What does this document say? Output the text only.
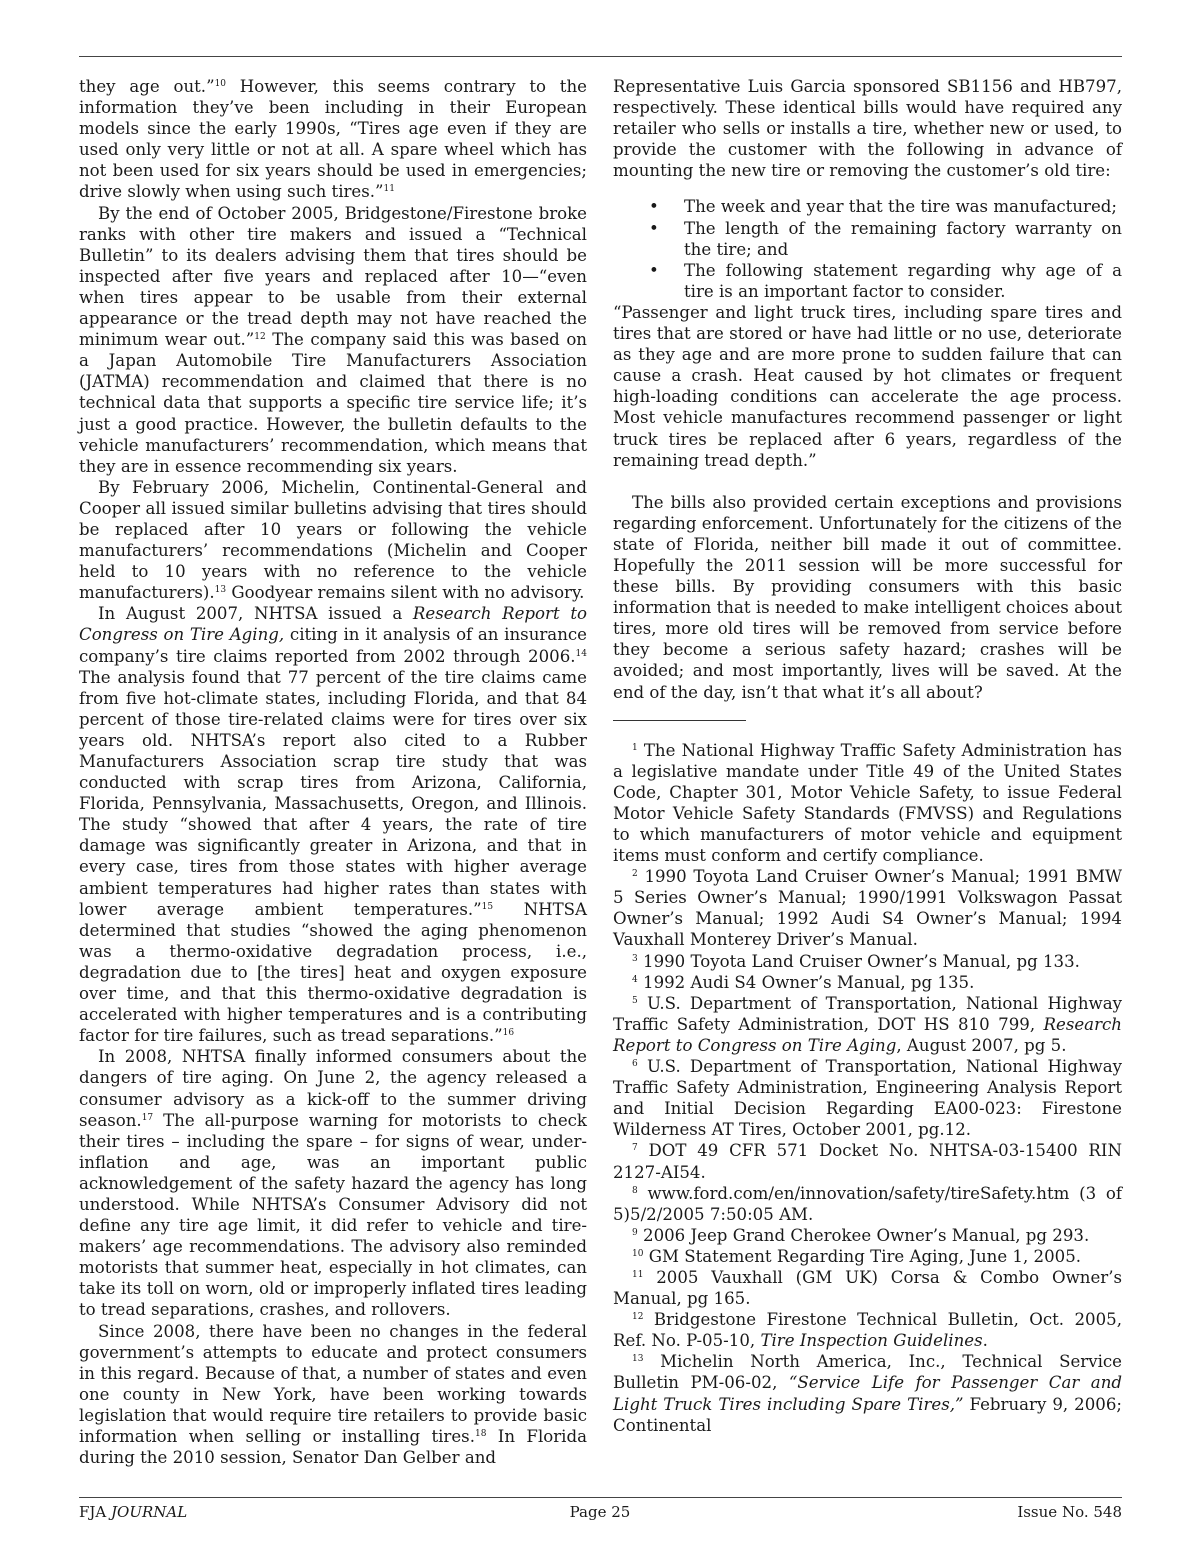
they age out.”$^{10}$ However, this seems contrary to the information they’ve been including in their European models since the early 1990s, “Tires age even if they are used only very little or not at all. A spare wheel which has not been used for six years should be used in emergencies; drive slowly when using such tires.”$^{11}$

By the end of October 2005, Bridgestone/Firestone broke ranks with other tire makers and issued a “Technical Bulletin” to its dealers advising them that tires should be inspected after five years and replaced after 10—“even when tires appear to be usable from their external appearance or the tread depth may not have reached the minimum wear out.”$^{12}$ The company said this was based on a Japan Automobile Tire Manufacturers Association (JATMA) recommendation and claimed that there is no technical data that supports a specific tire service life; it’s just a good practice. However, the bulletin defaults to the vehicle manufacturers’ recommendation, which means that they are in essence recommending six years.

By February 2006, Michelin, Continental-General and Cooper all issued similar bulletins advising that tires should be replaced after 10 years or following the vehicle manufacturers’ recommendations (Michelin and Cooper held to 10 years with no reference to the vehicle manufacturers).$^{13}$ Goodyear remains silent with no advisory.

In August 2007, NHTSA issued a Research Report to Congress on Tire Aging, citing in it analysis of an insurance company’s tire claims reported from 2002 through 2006.14 The analysis found that 77 percent of the tire claims came from five hot-climate states, including Florida, and that 84 percent of those tire-related claims were for tires over six years old. NHTSA’s report also cited to a Rubber Manufacturers Association scrap tire study that was conducted with scrap tires from Arizona, California, Florida, Pennsylvania, Massachusetts, Oregon, and Illinois. The study “showed that after 4 years, the rate of tire damage was significantly greater in Arizona, and that in every case, tires from those states with higher average ambient temperatures had higher rates than states with lower average ambient temperatures.”$^{15}$ NHTSA determined that studies “showed the aging phenomenon was a thermo-oxidative degradation process, i.e., degradation due to [the tires] heat and oxygen exposure over time, and that this thermo-oxidative degradation is accelerated with higher temperatures and is a contributing factor for tire failures, such as tread separations.”$^{16}$

In 2008, NHTSA finally informed consumers about the dangers of tire aging. On June 2, the agency released a consumer advisory as a kick-off to the summer driving season.$^{17}$ The all-purpose warning for motorists to check their tires – including the spare – for signs of wear, under-inflation and age, was an important public acknowledgement of the safety hazard the agency has long understood. While NHTSA’s Consumer Advisory did not define any tire age limit, it did refer to vehicle and tire-makers’ age recommendations. The advisory also reminded motorists that summer heat, especially in hot climates, can take its toll on worn, old or improperly inflated tires leading to tread separations, crashes, and rollovers.

Since 2008, there have been no changes in the federal government’s attempts to educate and protect consumers in this regard. Because of that, a number of states and even one county in New York, have been working towards legislation that would require tire retailers to provide basic information when selling or installing tires.$^{18}$ In Florida during the 2010 session, Senator Dan Gelber and

Representative Luis Garcia sponsored SB1156 and HB797, respectively. These identical bills would have required any retailer who sells or installs a tire, whether new or used, to provide the customer with the following in advance of mounting the new tire or removing the customer’s old tire:

• The week and year that the tire was manufactured;
• The length of the remaining factory warranty on the tire; and
• The following statement regarding why age of a tire is an important factor to consider.

“Passenger and light truck tires, including spare tires and tires that are stored or have had little or no use, deteriorate as they age and are more prone to sudden failure that can cause a crash. Heat caused by hot climates or frequent high-loading conditions can accelerate the age process. Most vehicle manufactures recommend passenger or light truck tires be replaced after 6 years, regardless of the remaining tread depth.”

The bills also provided certain exceptions and provisions regarding enforcement. Unfortunately for the citizens of the state of Florida, neither bill made it out of committee. Hopefully the 2011 session will be more successful for these bills. By providing consumers with this basic information that is needed to make intelligent choices about tires, more old tires will be removed from service before they become a serious safety hazard; crashes will be avoided; and most importantly, lives will be saved. At the end of the day, isn’t that what it’s all about?

$^1$ The National Highway Traffic Safety Administration has a legislative mandate under Title 49 of the United States Code, Chapter 301, Motor Vehicle Safety, to issue Federal Motor Vehicle Safety Standards (FMVSS) and Regulations to which manufacturers of motor vehicle and equipment items must conform and certify compliance.

$^2$ 1990 Toyota Land Cruiser Owner’s Manual; 1991 BMW 5 Series Owner’s Manual; 1990/1991 Volkswagon Passat Owner’s Manual; 1992 Audi S4 Owner’s Manual; 1994 Vauxhall Monterey Driver’s Manual.

$^3$ 1990 Toyota Land Cruiser Owner’s Manual, pg 133.

$^4$ 1992 Audi S4 Owner’s Manual, pg 135.

$^5$ U.S. Department of Transportation, National Highway Traffic Safety Administration, DOT HS 810 799, Research Report to Congress on Tire Aging, August 2007, pg 5.

$^6$ U.S. Department of Transportation, National Highway Traffic Safety Administration, Engineering Analysis Report and Initial Decision Regarding EA00-023: Firestone Wilderness AT Tires, October 2001, pg.12.

$^7$ DOT 49 CFR 571 Docket No. NHTSA-03-15400 RIN 2127-AI54.

$^8$ www.ford.com/en/innovation/safety/tireSafety.htm (3 of 5)5/2/2005 7:50:05 AM.

$^9$ 2006 Jeep Grand Cherokee Owner’s Manual, pg 293.

$^{10}$ GM Statement Regarding Tire Aging, June 1, 2005.

$^{11}$ 2005 Vauxhall (GM UK) Corsa & Combo Owner’s Manual, pg 165.

$^{12}$ Bridgestone Firestone Technical Bulletin, Oct. 2005, Ref. No. P-05-10, Tire Inspection Guidelines.

$^{13}$ Michelin North America, Inc., Technical Service Bulletin PM-06-02, “Service Life for Passenger Car and Light Truck Tires including Spare Tires,” February 9, 2006; Continental

FJA JOURNAL	Page 25	Issue No. 548
